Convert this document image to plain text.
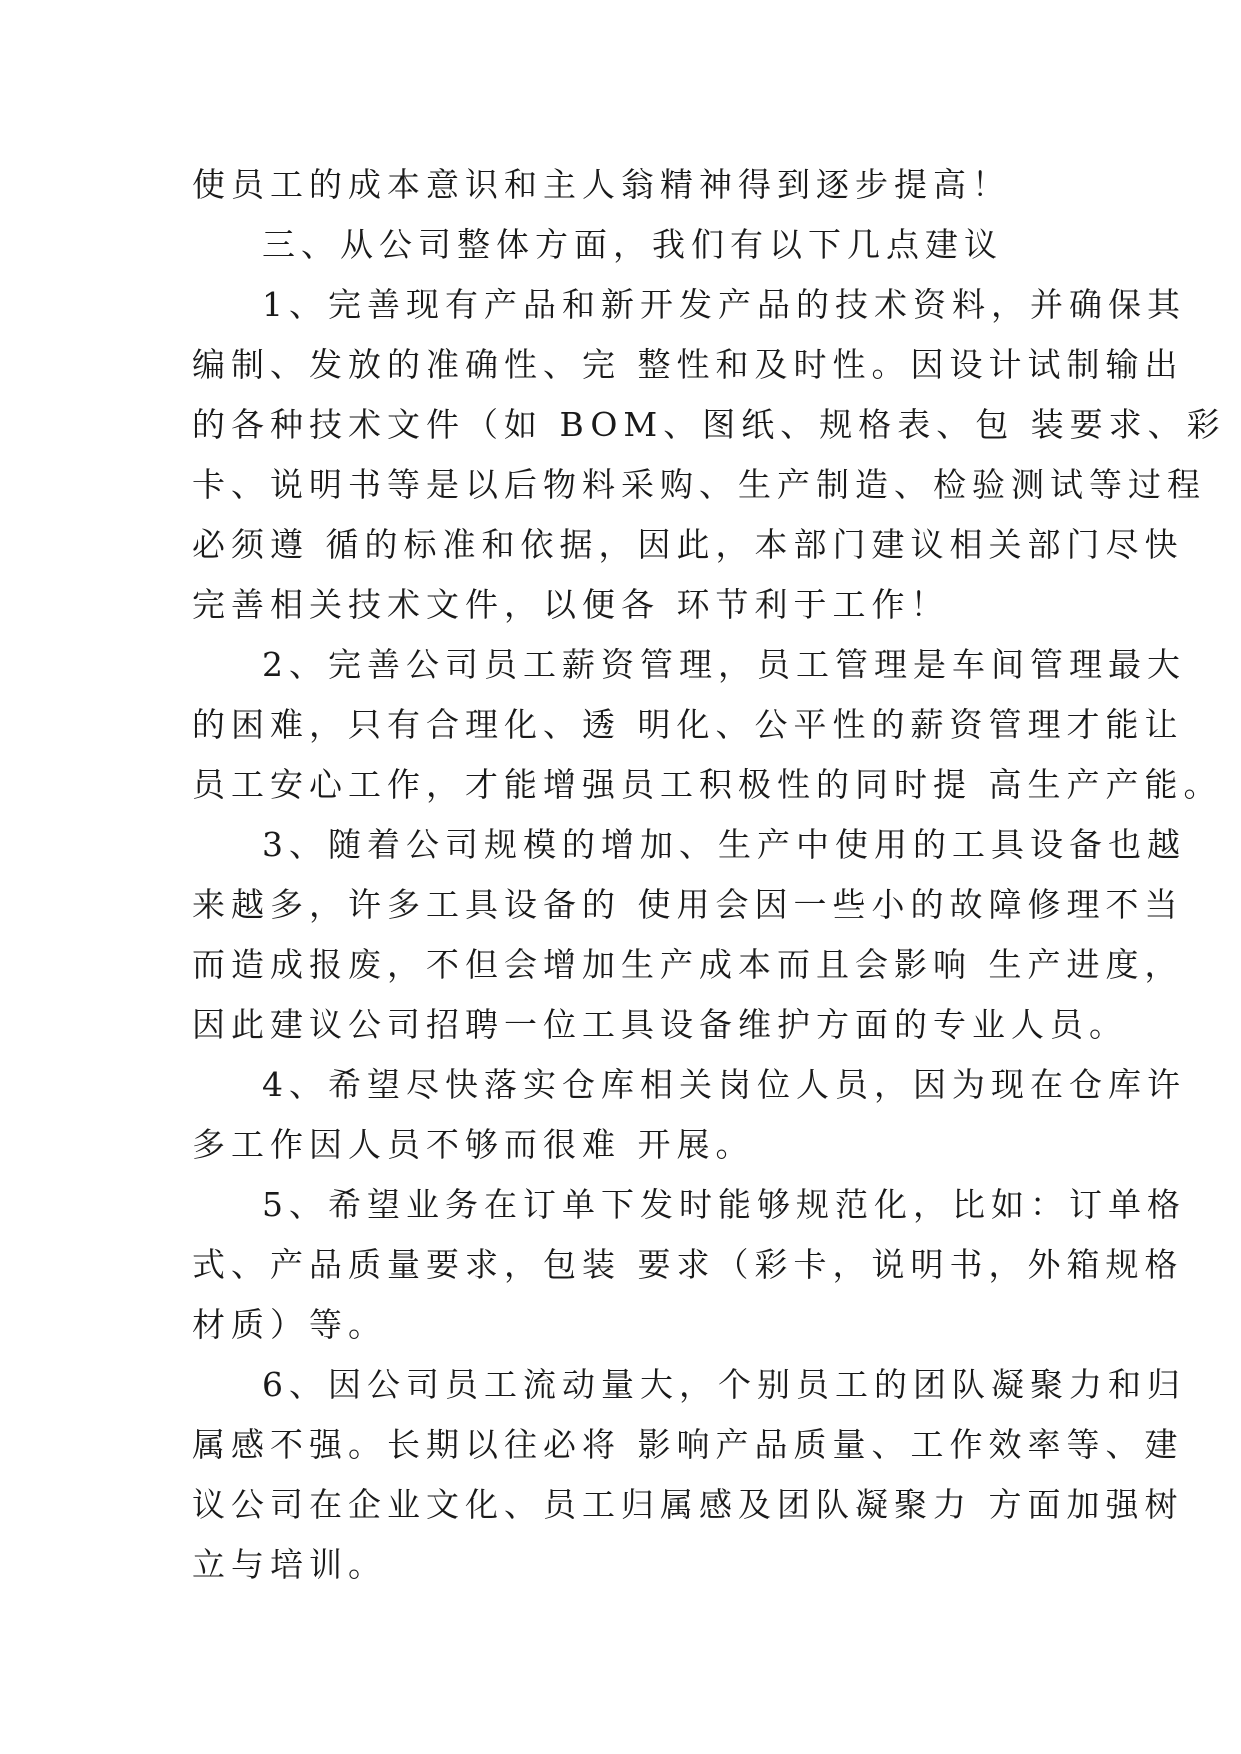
使员工的成本意识和主人翁精神得到逐步提高！
三、从公司整体方面，我们有以下几点建议
1、完善现有产品和新开发产品的技术资料，并确保其
编制、发放的准确性、完 整性和及时性。因设计试制输出
的各种技术文件（如 BOM、图纸、规格表、包 装要求、彩
卡、说明书等是以后物料采购、生产制造、检验测试等过程
必须遵 循的标准和依据，因此，本部门建议相关部门尽快
完善相关技术文件，以便各 环节利于工作！
2、完善公司员工薪资管理，员工管理是车间管理最大
的困难，只有合理化、透 明化、公平性的薪资管理才能让
员工安心工作，才能增强员工积极性的同时提 高生产产能。
3、随着公司规模的增加、生产中使用的工具设备也越
来越多，许多工具设备的 使用会因一些小的故障修理不当
而造成报废，不但会增加生产成本而且会影响 生产进度，
因此建议公司招聘一位工具设备维护方面的专业人员。
4、希望尽快落实仓库相关岗位人员，因为现在仓库许
多工作因人员不够而很难 开展。
5、希望业务在订单下发时能够规范化，比如：订单格
式、产品质量要求，包装 要求（彩卡，说明书，外箱规格
材质）等。
6、因公司员工流动量大，个别员工的团队凝聚力和归
属感不强。长期以往必将 影响产品质量、工作效率等、建
议公司在企业文化、员工归属感及团队凝聚力 方面加强树
立与培训。
